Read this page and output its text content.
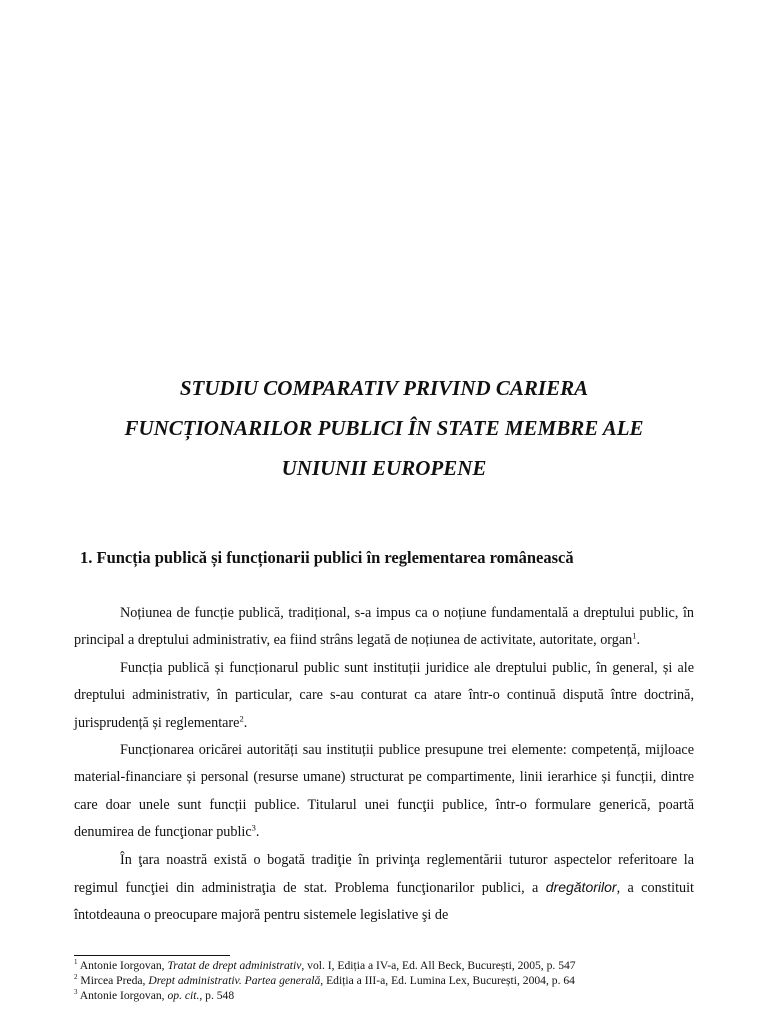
STUDIU COMPARATIV PRIVIND CARIERA
FUNCȚIONARILOR PUBLICI ÎN STATE MEMBRE ALE
UNIUNII EUROPENE
1. Funcția publică și funcționarii publici în reglementarea românească

Noțiunea de funcție publică, tradițional, s-a impus ca o noțiune fundamentală a dreptului public, în principal a dreptului administrativ, ea fiind strâns legată de noțiunea de activitate, autoritate, organ$^1$.

Funcția publică și funcționarul public sunt instituții juridice ale dreptului public, în general, și ale dreptului administrativ, în particular, care s-au conturat ca atare într-o continuă dispută între doctrină, jurisprudență și reglementare$^2$.

Funcționarea oricărei autorități sau instituții publice presupune trei elemente: competență, mijloace material-financiare și personal (resurse umane) structurat pe compartimente, linii ierarhice și funcții, dintre care doar unele sunt funcții publice. Titularul unei funcţii publice, într-o formulare generică, poartă denumirea de funcţionar public$^3$.

În ţara noastră există o bogată tradiţie în privinţa reglementării tuturor aspectelor referitoare la regimul funcţiei din administraţia de stat. Problema funcţionarilor publici, a dregătorilor, a constituit întotdeauna o preocupare majoră pentru sistemele legislative şi de

$^1$ Antonie Iorgovan, Tratat de drept administrativ, vol. I, Ediția a IV-a, Ed. All Beck, București, 2005, p. 547
$^2$ Mircea Preda, Drept administrativ. Partea generală, Ediția a III-a, Ed. Lumina Lex, București, 2004, p. 64
$^3$ Antonie Iorgovan, op. cit., p. 548
